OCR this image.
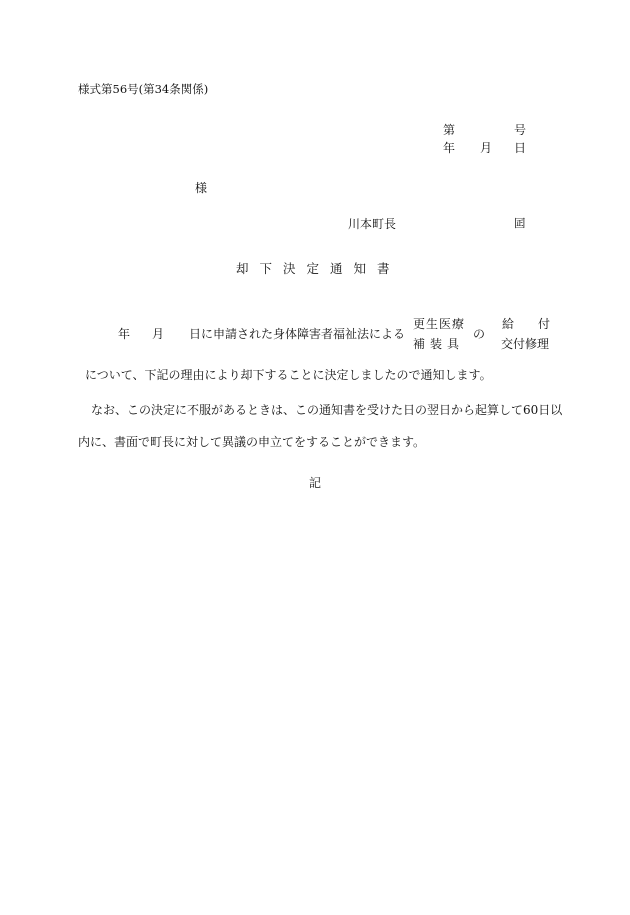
様式第56号(第34条関係)
第	号
年 月 日
様
川本町長	囸
却下決定通知書
年 月 日に申請された身体障害者福祉法による
更生医療
補装具
の
給 付
交付修理
について、下記の理由により却下することに決定しましたので通知します。
なお、この決定に不服があるときは、この通知書を受けた日の翌日から起算して60日以
内に、書面で町長に対して異議の申立てをすることができます。
記
